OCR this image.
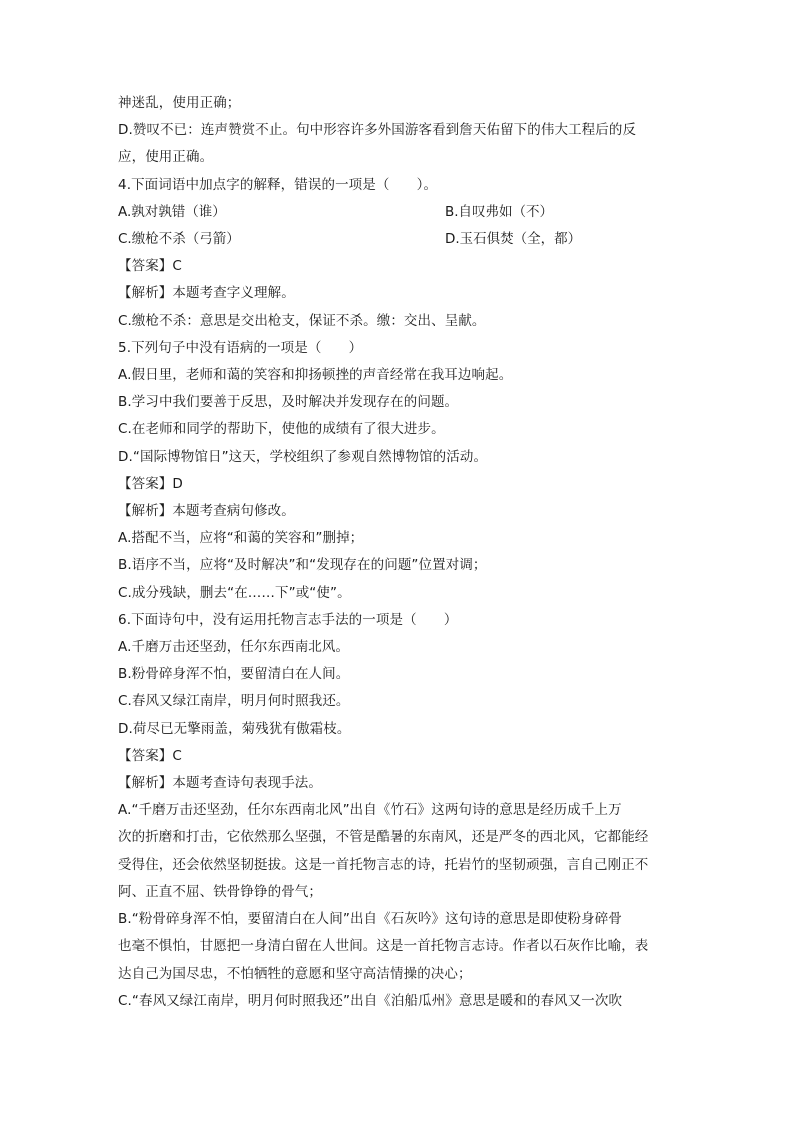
神迷乱，使用正确；
D.赞叹不已：连声赞赏不止。句中形容许多外国游客看到詹天佑留下的伟大工程后的反
应，使用正确。
4.下面词语中加点字的解释，错误的一项是（　　）。
A.孰对孰错（谁）	B.自叹弗如（不）
C.缴枪不杀（弓箭）	D.玉石俱焚（全，都）
【答案】C
【解析】本题考查字义理解。
C.缴枪不杀：意思是交出枪支，保证不杀。缴：交出、呈献。
5.下列句子中没有语病的一项是（　　）
A.假日里，老师和蔼的笑容和抑扬顿挫的声音经常在我耳边响起。
B.学习中我们要善于反思，及时解决并发现存在的问题。
C.在老师和同学的帮助下，使他的成绩有了很大进步。
D.“国际博物馆日”这天，学校组织了参观自然博物馆的活动。
【答案】D
【解析】本题考查病句修改。
A.搭配不当，应将“和蔼的笑容和”删掉；
B.语序不当，应将“及时解决”和“发现存在的问题”位置对调；
C.成分残缺，删去“在……下”或“使”。
6.下面诗句中，没有运用托物言志手法的一项是（　　）
A.千磨万击还坚劲，任尔东西南北风。
B.粉骨碎身浑不怕，要留清白在人间。
C.春风又绿江南岸，明月何时照我还。
D.荷尽已无擎雨盖，菊残犹有傲霜枝。
【答案】C
【解析】本题考查诗句表现手法。
A.“千磨万击还坚劲，任尔东西南北风”出自《竹石》这两句诗的意思是经历成千上万
次的折磨和打击，它依然那么坚强，不管是酷暑的东南风，还是严冬的西北风，它都能经
受得住，还会依然坚韧挺拔。这是一首托物言志的诗，托岩竹的坚韧顽强，言自己刚正不
阿、正直不屈、铁骨铮铮的骨气；
B.“粉骨碎身浑不怕，要留清白在人间”出自《石灰吟》这句诗的意思是即使粉身碎骨
也毫不惧怕，甘愿把一身清白留在人世间。这是一首托物言志诗。作者以石灰作比喻，表
达自己为国尽忠，不怕牺牲的意愿和坚守高洁情操的决心；
C.“春风又绿江南岸，明月何时照我还”出自《泊船瓜州》意思是暖和的春风又一次吹
